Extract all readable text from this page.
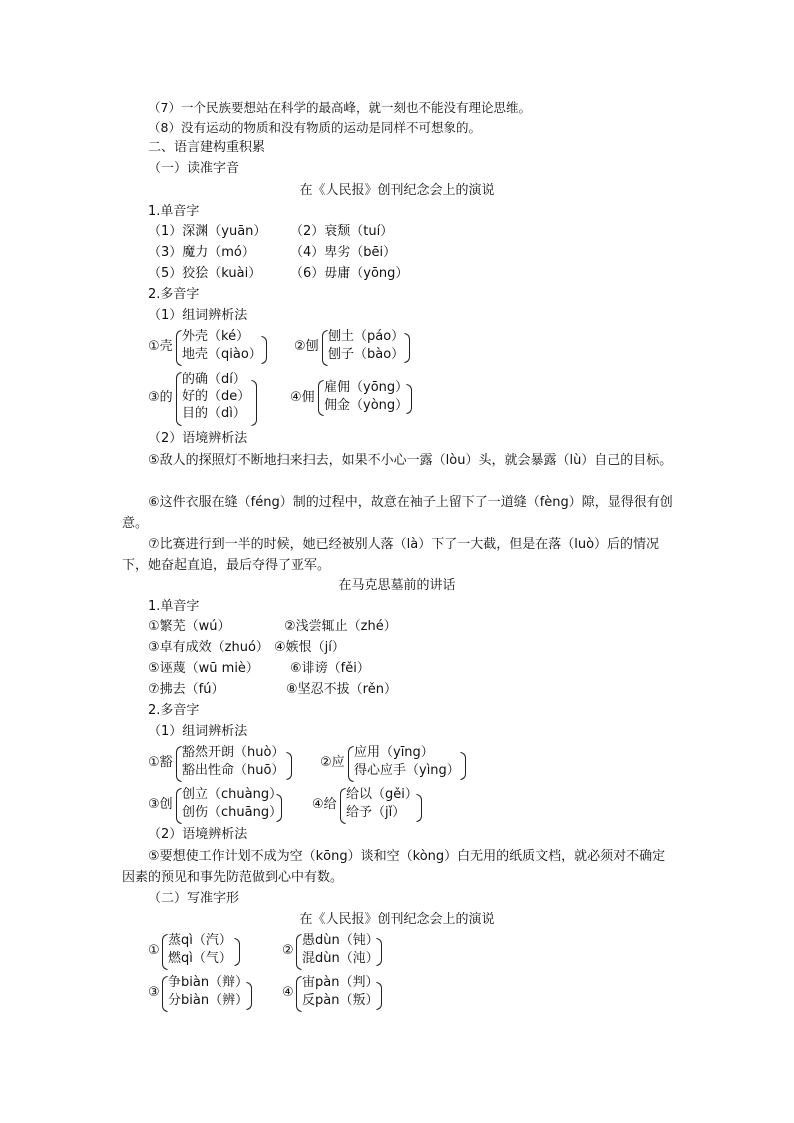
（7）一个民族要想站在科学的最高峰，就一刻也不能没有理论思维。
（8）没有运动的物质和没有物质的运动是同样不可想象的。
二、语言建构重积累
（一）读准字音
在《人民报》创刊纪念会上的演说
1.单音字
（1）深渊（yuān） （2）衰颓（tuí）
（3）魔力（mó）	（4）卑劣（bēi）
（5）狡狯（kuài） （6）毋庸（yōng）
2.多音字
（1）组词辨析法
①壳
外壳（ké）
地壳（qiào）
②刨
刨土（páo）
刨子（bào）
③的
的确（dí）
好的（de）
目的（dì）
④佣
雇佣（yōng）
佣金（yòng）
（2）语境辨析法
⑤敌人的探照灯不断地扫来扫去，如果不小心一露（lòu）头，就会暴露（lù）自己的目标。
⑥这件衣服在缝（féng）制的过程中，故意在袖子上留下了一道缝（fèng）隙，显得很有创意。
⑦比赛进行到一半的时候，她已经被别人落（là）下了一大截，但是在落（luò）后的情况下，她奋起直追，最后夺得了亚军。
在马克思墓前的讲话
1.单音字
①繁芜（wú）	②浅尝辄止（zhé）
③卓有成效（zhuó） ④嫉恨（jí）
⑤诬蔑（wū miè） ⑥诽谤（fěi）
⑦拂去（fú）	⑧坚忍不拔（rěn）
2.多音字
（1）组词辨析法
①豁
豁然开朗（huò）
豁出性命（huō）
②应
应用（yīng）
得心应手（yìng）
③创
创立（chuàng）
创伤（chuāng）
④给
给以（gěi）
给予（jǐ）
（2）语境辨析法
⑤要想使工作计划不成为空（kōng）谈和空（kòng）白无用的纸质文档，就必须对不确定因素的预见和事先防范做到心中有数。
（二）写准字形
在《人民报》创刊纪念会上的演说
①
蒸qì（汽）
燃qì（气）
②
愚dùn（钝）
混dùn（沌）
③
争biàn（辩）
分biàn（辨）
④
宙pàn（判）
反pàn（叛）
